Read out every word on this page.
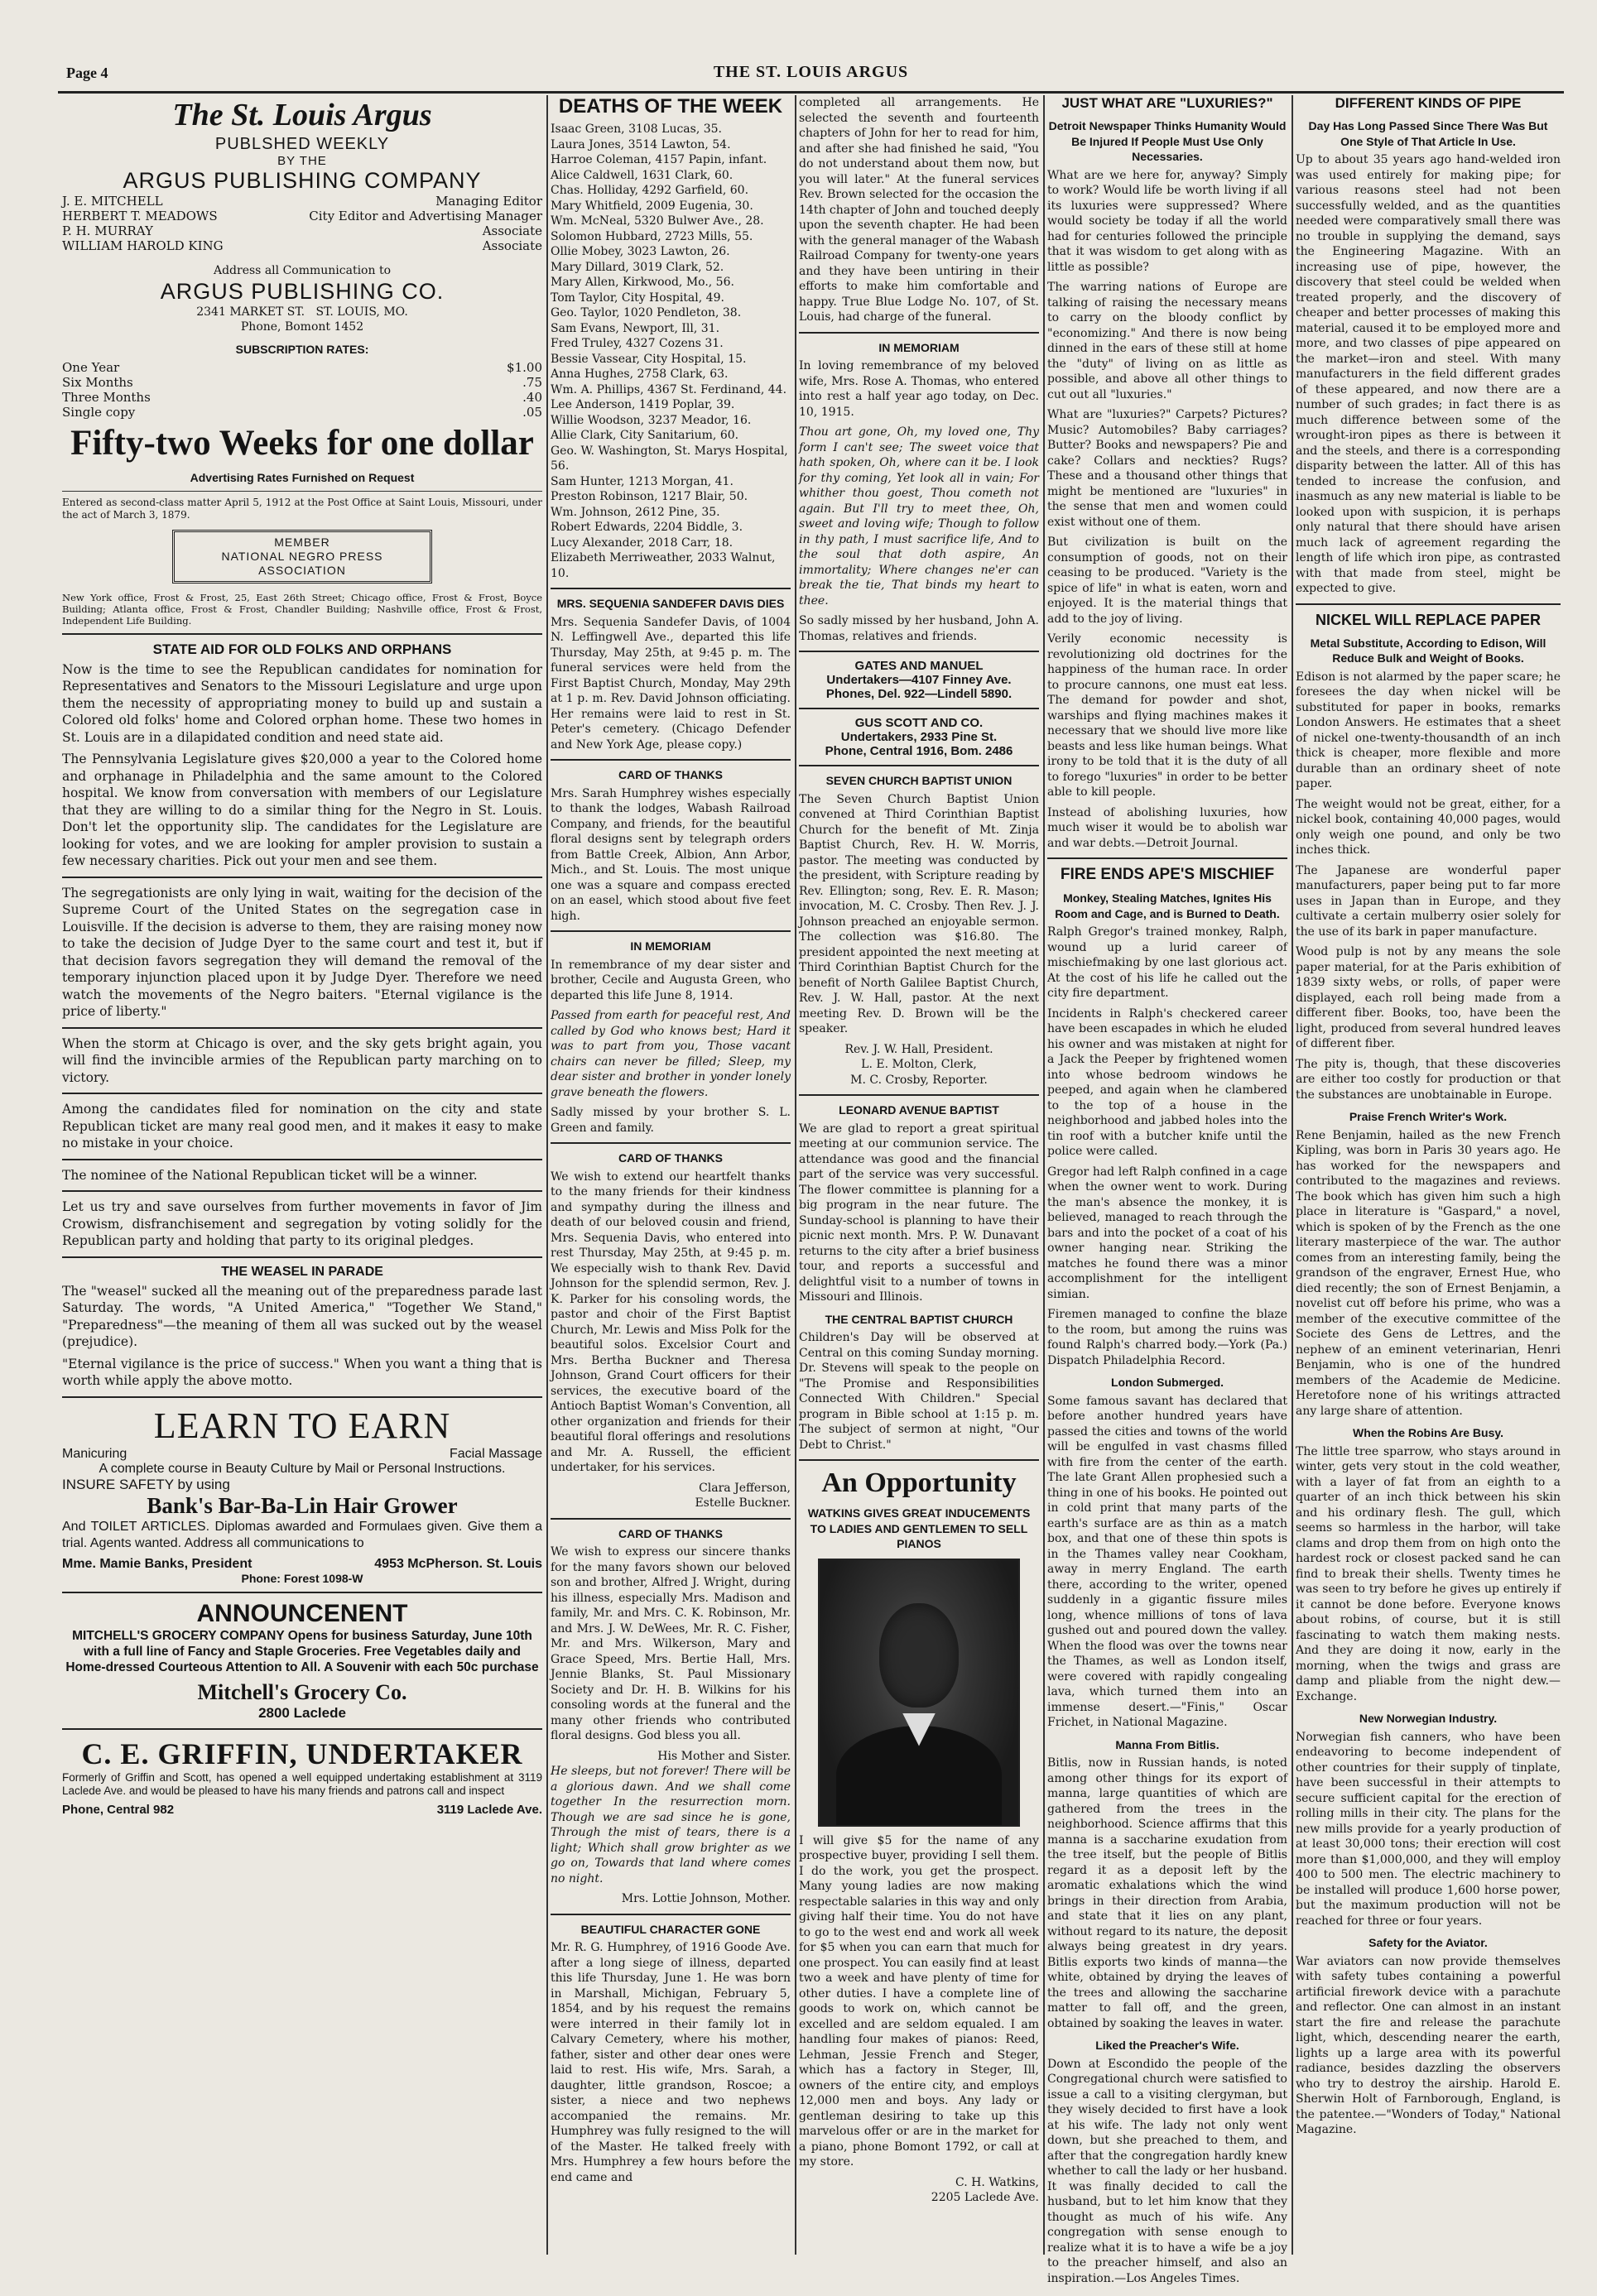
Page 4	THE ST. LOUIS ARGUS
The St. Louis Argus
PUBLSHED WEEKLY
BY THE
ARGUS PUBLISHING COMPANY
J. E. MITCHELL	Managing Editor
HERBERT T. MEADOWS	City Editor and Advertising Manager
P. H. MURRAY	Associate
WILLIAM HAROLD KING	Associate
Address all Communication to
ARGUS PUBLISHING CO.
2341 MARKET ST. ST. LOUIS, MO.
Phone, Bomont 1452
SUBSCRIPTION RATES:
One Year	$1.00
Six Months	.75
Three Months	.40
Single copy	.05
Fifty-two Weeks for one dollar
Advertising Rates Furnished on Request

Entered as second-class matter April 5, 1912 at the Post Office at Saint Louis, Missouri, under the act of March 3, 1879.

MEMBER
NATIONAL NEGRO PRESS
ASSOCIATION

New York office, Frost & Frost, 25, East 26th Street; Chicago office, Frost & Frost, Boyce Building; Atlanta office, Frost & Frost, Chandler Building; Nashville office, Frost & Frost, Independent Life Building.

STATE AID FOR OLD FOLKS AND ORPHANS

Now is the time to see the Republican candidates for nomination for Representatives and Senators to the Missouri Legislature and urge upon them the necessity of appropriating money to build up and sustain a Colored old folks' home and Colored orphan home. These two homes in St. Louis are in a dilapidated condition and need state aid.

The Pennsylvania Legislature gives $20,000 a year to the Colored home and orphanage in Philadelphia and the same amount to the Colored hospital. We know from conversation with members of our Legislature that they are willing to do a similar thing for the Negro in St. Louis. Don't let the opportunity slip. The candidates for the Legislature are looking for votes, and we are looking for ampler provision to sustain a few necessary charities. Pick out your men and see them.

The segregationists are only lying in wait, waiting for the decision of the Supreme Court of the United States on the segregation case in Louisville. If the decision is adverse to them, they are raising money now to take the decision of Judge Dyer to the same court and test it, but if that decision favors segregation they will demand the removal of the temporary injunction placed upon it by Judge Dyer. Therefore we need watch the movements of the Negro baiters. "Eternal vigilance is the price of liberty."

When the storm at Chicago is over, and the sky gets bright again, you will find the invincible armies of the Republican party marching on to victory.

Among the candidates filed for nomination on the city and state Republican ticket are many real good men, and it makes it easy to make no mistake in your choice.

The nominee of the National Republican ticket will be a winner.

Let us try and save ourselves from further movements in favor of Jim Crowism, disfranchisement and segregation by voting solidly for the Republican party and holding that party to its original pledges.

THE WEASEL IN PARADE

The "weasel" sucked all the meaning out of the preparedness parade last Saturday. The words, "A United America," "Together We Stand," "Preparedness"—the meaning of them all was sucked out by the weasel (prejudice).

"Eternal vigilance is the price of success." When you want a thing that is worth while apply the above motto.

LEARN TO EARN
Manicuring	Facial Massage
A complete course in Beauty Culture by Mail or Personal Instructions.
INSURE SAFETY by using
Bank's Bar-Ba-Lin Hair Grower

And TOILET ARTICLES. Diplomas awarded and Formulaes given. Give them a trial. Agents wanted. Address all communications to

Mme. Mamie Banks, President	4953 McPherson. St. Louis
Phone: Forest 1098-W
ANNOUNCENENT

MITCHELL'S GROCERY COMPANY Opens for business Saturday, June 10th with a full line of Fancy and Staple Groceries. Free Vegetables daily and Home-dressed Courteous Attention to All. A Souvenir with each 50c purchase

Mitchell's Grocery Co.
2800 Laclede
C. E. GRIFFIN, UNDERTAKER

Formerly of Griffin and Scott, has opened a well equipped undertaking establishment at 3119 Laclede Ave. and would be pleased to have his many friends and patrons call and inspect

Phone, Central 982	3119 Laclede Ave.
DEATHS OF THE WEEK
Isaac Green, 3108 Lucas, 35.
Laura Jones, 3514 Lawton, 54.
Harroe Coleman, 4157 Papin, infant.
Alice Caldwell, 1631 Clark, 60.
Chas. Holliday, 4292 Garfield, 60.
Mary Whitfield, 2009 Eugenia, 30.
Wm. McNeal, 5320 Bulwer Ave., 28.
Solomon Hubbard, 2723 Mills, 55.
Ollie Mobey, 3023 Lawton, 26.
Mary Dillard, 3019 Clark, 52.
Mary Allen, Kirkwood, Mo., 56.
Tom Taylor, City Hospital, 49.
Geo. Taylor, 1020 Pendleton, 38.
Sam Evans, Newport, Ill, 31.
Fred Truley, 4327 Cozens 31.
Bessie Vassear, City Hospital, 15.
Anna Hughes, 2758 Clark, 63.
Wm. A. Phillips, 4367 St. Ferdinand, 44.
Lee Anderson, 1419 Poplar, 39.
Willie Woodson, 3237 Meador, 16.
Allie Clark, City Sanitarium, 60.
Geo. W. Washington, St. Marys Hospital, 56.
Sam Hunter, 1213 Morgan, 41.
Preston Robinson, 1217 Blair, 50.
Wm. Johnson, 2612 Pine, 35.
Robert Edwards, 2204 Biddle, 3.
Lucy Alexander, 2018 Carr, 18.
Elizabeth Merriweather, 2033 Walnut, 10.
MRS. SEQUENIA SANDEFER DAVIS DIES

Mrs. Sequenia Sandefer Davis, of 1004 N. Leffingwell Ave., departed this life Thursday, May 25th, at 9:45 p. m. The funeral services were held from the First Baptist Church, Monday, May 29th at 1 p. m. Rev. David Johnson officiating. Her remains were laid to rest in St. Peter's cemetery. (Chicago Defender and New York Age, please copy.)

CARD OF THANKS

Mrs. Sarah Humphrey wishes especially to thank the lodges, Wabash Railroad Company, and friends, for the beautiful floral designs sent by telegraph orders from Battle Creek, Albion, Ann Arbor, Mich., and St. Louis. The most unique one was a square and compass erected on an easel, which stood about five feet high.

IN MEMORIAM

In remembrance of my dear sister and brother, Cecile and Augusta Green, who departed this life June 8, 1914.

Passed from earth for peaceful rest, And called by God who knows best; Hard it was to part from you, Those vacant chairs can never be filled; Sleep, my dear sister and brother in yonder lonely grave beneath the flowers.

Sadly missed by your brother S. L. Green and family.

CARD OF THANKS

We wish to extend our heartfelt thanks to the many friends for their kindness and sympathy during the illness and death of our beloved cousin and friend, Mrs. Sequenia Davis, who entered into rest Thursday, May 25th, at 9:45 p. m. We especially wish to thank Rev. David Johnson for the splendid sermon, Rev. J. K. Parker for his consoling words, the pastor and choir of the First Baptist Church, Mr. Lewis and Miss Polk for the beautiful solos. Excelsior Court and Mrs. Bertha Buckner and Theresa Johnson, Grand Court officers for their services, the executive board of the Antioch Baptist Woman's Convention, all other organization and friends for their beautiful floral offerings and resolutions and Mr. A. Russell, the efficient undertaker, for his services.

Clara Jefferson,
Estelle Buckner.
CARD OF THANKS

We wish to express our sincere thanks for the many favors shown our beloved son and brother, Alfred J. Wright, during his illness, especially Mrs. Madison and family, Mr. and Mrs. C. K. Robinson, Mr. and Mrs. J. W. DeWees, Mr. R. C. Fisher, Mr. and Mrs. Wilkerson, Mary and Grace Speed, Mrs. Bertie Hall, Mrs. Jennie Blanks, St. Paul Missionary Society and Dr. H. B. Wilkins for his consoling words at the funeral and the many other friends who contributed floral designs. God bless you all.

His Mother and Sister.

He sleeps, but not forever! There will be a glorious dawn. And we shall come together In the resurrection morn. Though we are sad since he is gone, Through the mist of tears, there is a light; Which shall grow brighter as we go on, Towards that land where comes no night.

Mrs. Lottie Johnson, Mother.
BEAUTIFUL CHARACTER GONE

Mr. R. G. Humphrey, of 1916 Goode Ave. after a long siege of illness, departed this life Thursday, June 1. He was born in Marshall, Michigan, February 5, 1854, and by his request the remains were interred in their family lot in Calvary Cemetery, where his mother, father, sister and other dear ones were laid to rest. His wife, Mrs. Sarah, a daughter, little grandson, Roscoe; a sister, a niece and two nephews accompanied the remains. Mr. Humphrey was fully resigned to the will of the Master. He talked freely with Mrs. Humphrey a few hours before the end came and

completed all arrangements. He selected the seventh and fourteenth chapters of John for her to read for him, and after she had finished he said, "You do not understand about them now, but you will later." At the funeral services Rev. Brown selected for the occasion the 14th chapter of John and touched deeply upon the seventh chapter. He had been with the general manager of the Wabash Railroad Company for twenty-one years and they have been untiring in their efforts to make him comfortable and happy. True Blue Lodge No. 107, of St. Louis, had charge of the funeral.

IN MEMORIAM

In loving remembrance of my beloved wife, Mrs. Rose A. Thomas, who entered into rest a half year ago today, on Dec. 10, 1915.

Thou art gone, Oh, my loved one, Thy form I can't see; The sweet voice that hath spoken, Oh, where can it be. I look for thy coming, Yet look all in vain; For whither thou goest, Thou cometh not again. But I'll try to meet thee, Oh, sweet and loving wife; Though to follow in thy path, I must sacrifice life, And to the soul that doth aspire, An immortality; Where changes ne'er can break the tie, That binds my heart to thee.

So sadly missed by her husband, John A. Thomas, relatives and friends.

GATES AND MANUEL
Undertakers—4107 Finney Ave.
Phones, Del. 922—Lindell 5890.
GUS SCOTT AND CO.
Undertakers, 2933 Pine St.
Phone, Central 1916, Bom. 2486
SEVEN CHURCH BAPTIST UNION

The Seven Church Baptist Union convened at Third Corinthian Baptist Church for the benefit of Mt. Zinja Baptist Church, Rev. H. W. Morris, pastor. The meeting was conducted by the president, with Scripture reading by Rev. Ellington; song, Rev. E. R. Mason; invocation, M. C. Crosby. Then Rev. J. J. Johnson preached an enjoyable sermon. The collection was $16.80. The president appointed the next meeting at Third Corinthian Baptist Church for the benefit of North Galilee Baptist Church, Rev. J. W. Hall, pastor. At the next meeting Rev. D. Brown will be the speaker.

Rev. J. W. Hall, President.
L. E. Molton, Clerk,
M. C. Crosby, Reporter.
LEONARD AVENUE BAPTIST

We are glad to report a great spiritual meeting at our communion service. The attendance was good and the financial part of the service was very successful. The flower committee is planning for a big program in the near future. The Sunday-school is planning to have their picnic next month. Mrs. P. W. Dunavant returns to the city after a brief business tour, and reports a successful and delightful visit to a number of towns in Missouri and Illinois.

THE CENTRAL BAPTIST CHURCH

Children's Day will be observed at Central on this coming Sunday morning. Dr. Stevens will speak to the people on "The Promise and Responsibilities Connected With Children." Special program in Bible school at 1:15 p. m. The subject of sermon at night, "Our Debt to Christ."

An Opportunity
WATKINS GIVES GREAT INDUCEMENTS TO LADIES AND GENTLEMEN TO SELL PIANOS

I will give $5 for the name of any prospective buyer, providing I sell them. I do the work, you get the prospect. Many young ladies are now making respectable salaries in this way and only giving half their time. You do not have to go to the west end and work all week for $5 when you can earn that much for one prospect. You can easily find at least two a week and have plenty of time for other duties. I have a complete line of goods to work on, which cannot be excelled and are seldom equaled. I am handling four makes of pianos: Reed, Lehman, Jessie French and Steger, which has a factory in Steger, Ill, owners of the entire city, and employs 12,000 men and boys. Any lady or gentleman desiring to take up this marvelous offer or are in the market for a piano, phone Bomont 1792, or call at my store.

C. H. Watkins,
2205 Laclede Ave.
JUST WHAT ARE "LUXURIES?"
Detroit Newspaper Thinks Humanity Would Be Injured If People Must Use Only Necessaries.

What are we here for, anyway? Simply to work? Would life be worth living if all its luxuries were suppressed? Where would society be today if all the world had for centuries followed the principle that it was wisdom to get along with as little as possible?

The warring nations of Europe are talking of raising the necessary means to carry on the bloody conflict by "economizing." And there is now being dinned in the ears of these still at home the "duty" of living on as little as possible, and above all other things to cut out all "luxuries."

What are "luxuries?" Carpets? Pictures? Music? Automobiles? Baby carriages? Butter? Books and newspapers? Pie and cake? Collars and neckties? Rugs? These and a thousand other things that might be mentioned are "luxuries" in the sense that men and women could exist without one of them.

But civilization is built on the consumption of goods, not on their ceasing to be produced. "Variety is the spice of life" in what is eaten, worn and enjoyed. It is the material things that add to the joy of living.

Verily economic necessity is revolutionizing old doctrines for the happiness of the human race. In order to procure cannons, one must eat less. The demand for powder and shot, warships and flying machines makes it necessary that we should live more like beasts and less like human beings. What irony to be told that it is the duty of all to forego "luxuries" in order to be better able to kill people.

Instead of abolishing luxuries, how much wiser it would be to abolish war and war debts.—Detroit Journal.

FIRE ENDS APE'S MISCHIEF
Monkey, Stealing Matches, Ignites His Room and Cage, and is Burned to Death.

Ralph Gregor's trained monkey, Ralph, wound up a lurid career of mischiefmaking by one last glorious act. At the cost of his life he called out the city fire department.

Incidents in Ralph's checkered career have been escapades in which he eluded his owner and was mistaken at night for a Jack the Peeper by frightened women into whose bedroom windows he peeped, and again when he clambered to the top of a house in the neighborhood and jabbed holes into the tin roof with a butcher knife until the police were called.

Gregor had left Ralph confined in a cage when the owner went to work. During the man's absence the monkey, it is believed, managed to reach through the bars and into the pocket of a coat of his owner hanging near. Striking the matches he found there was a minor accomplishment for the intelligent simian.

Firemen managed to confine the blaze to the room, but among the ruins was found Ralph's charred body.—York (Pa.) Dispatch Philadelphia Record.

London Submerged.

Some famous savant has declared that before another hundred years have passed the cities and towns of the world will be engulfed in vast chasms filled with fire from the center of the earth. The late Grant Allen prophesied such a thing in one of his books. He pointed out in cold print that many parts of the earth's surface are as thin as a match box, and that one of these thin spots is in the Thames valley near Cookham, away in merry England. The earth there, according to the writer, opened suddenly in a gigantic fissure miles long, whence millions of tons of lava gushed out and poured down the valley. When the flood was over the towns near the Thames, as well as London itself, were covered with rapidly congealing lava, which turned them into an immense desert.—"Finis," Oscar Frichet, in National Magazine.

Manna From Bitlis.

Bitlis, now in Russian hands, is noted among other things for its export of manna, large quantities of which are gathered from the trees in the neighborhood. Science affirms that this manna is a saccharine exudation from the tree itself, but the people of Bitlis regard it as a deposit left by the aromatic exhalations which the wind brings in their direction from Arabia, and state that it lies on any plant, without regard to its nature, the deposit always being greatest in dry years. Bitlis exports two kinds of manna—the white, obtained by drying the leaves of the trees and allowing the saccharine matter to fall off, and the green, obtained by soaking the leaves in water.

Liked the Preacher's Wife.

Down at Escondido the people of the Congregational church were satisfied to issue a call to a visiting clergyman, but they wisely decided to first have a look at his wife. The lady not only went down, but she preached to them, and after that the congregation hardly knew whether to call the lady or her husband. It was finally decided to call the husband, but to let him know that they thought as much of his wife. Any congregation with sense enough to realize what it is to have a wife be a joy to the preacher himself, and also an inspiration.—Los Angeles Times.

DIFFERENT KINDS OF PIPE
Day Has Long Passed Since There Was But One Style of That Article In Use.

Up to about 35 years ago hand-welded iron was used entirely for making pipe; for various reasons steel had not been successfully welded, and as the quantities needed were comparatively small there was no trouble in supplying the demand, says the Engineering Magazine. With an increasing use of pipe, however, the discovery that steel could be welded when treated properly, and the discovery of cheaper and better processes of making this material, caused it to be employed more and more, and two classes of pipe appeared on the market—iron and steel. With many manufacturers in the field different grades of these appeared, and now there are a number of such grades; in fact there is as much difference between some of the wrought-iron pipes as there is between it and the steels, and there is a corresponding disparity between the latter. All of this has tended to increase the confusion, and inasmuch as any new material is liable to be looked upon with suspicion, it is perhaps only natural that there should have arisen much lack of agreement regarding the length of life which iron pipe, as contrasted with that made from steel, might be expected to give.

NICKEL WILL REPLACE PAPER
Metal Substitute, According to Edison, Will Reduce Bulk and Weight of Books.

Edison is not alarmed by the paper scare; he foresees the day when nickel will be substituted for paper in books, remarks London Answers. He estimates that a sheet of nickel one-twenty-thousandth of an inch thick is cheaper, more flexible and more durable than an ordinary sheet of note paper.

The weight would not be great, either, for a nickel book, containing 40,000 pages, would only weigh one pound, and only be two inches thick.

The Japanese are wonderful paper manufacturers, paper being put to far more uses in Japan than in Europe, and they cultivate a certain mulberry osier solely for the use of its bark in paper manufacture.

Wood pulp is not by any means the sole paper material, for at the Paris exhibition of 1839 sixty webs, or rolls, of paper were displayed, each roll being made from a different fiber. Books, too, have been the light, produced from several hundred leaves of different fiber.

The pity is, though, that these discoveries are either too costly for production or that the substances are unobtainable in Europe.

Praise French Writer's Work.

Rene Benjamin, hailed as the new French Kipling, was born in Paris 30 years ago. He has worked for the newspapers and contributed to the magazines and reviews. The book which has given him such a high place in literature is "Gaspard," a novel, which is spoken of by the French as the one literary masterpiece of the war. The author comes from an interesting family, being the grandson of the engraver, Ernest Hue, who died recently; the son of Ernest Benjamin, a novelist cut off before his prime, who was a member of the executive committee of the Societe des Gens de Lettres, and the nephew of an eminent veterinarian, Henri Benjamin, who is one of the hundred members of the Academie de Medicine. Heretofore none of his writings attracted any large share of attention.

When the Robins Are Busy.

The little tree sparrow, who stays around in winter, gets very stout in the cold weather, with a layer of fat from an eighth to a quarter of an inch thick between his skin and his ordinary flesh. The gull, which seems so harmless in the harbor, will take clams and drop them from on high onto the hardest rock or closest packed sand he can find to break their shells. Twenty times he was seen to try before he gives up entirely if it cannot be done before. Everyone knows about robins, of course, but it is still fascinating to watch them making nests. And they are doing it now, early in the morning, when the twigs and grass are damp and pliable from the night dew.—Exchange.

New Norwegian Industry.

Norwegian fish canners, who have been endeavoring to become independent of other countries for their supply of tinplate, have been successful in their attempts to secure sufficient capital for the erection of rolling mills in their city. The plans for the new mills provide for a yearly production of at least 30,000 tons; their erection will cost more than $1,000,000, and they will employ 400 to 500 men. The electric machinery to be installed will produce 1,600 horse power, but the maximum production will not be reached for three or four years.

Safety for the Aviator.

War aviators can now provide themselves with safety tubes containing a powerful artificial firework device with a parachute and reflector. One can almost in an instant start the fire and release the parachute light, which, descending nearer the earth, lights up a large area with its powerful radiance, besides dazzling the observers who try to destroy the airship. Harold E. Sherwin Holt of Farnborough, England, is the patentee.—"Wonders of Today," National Magazine.
